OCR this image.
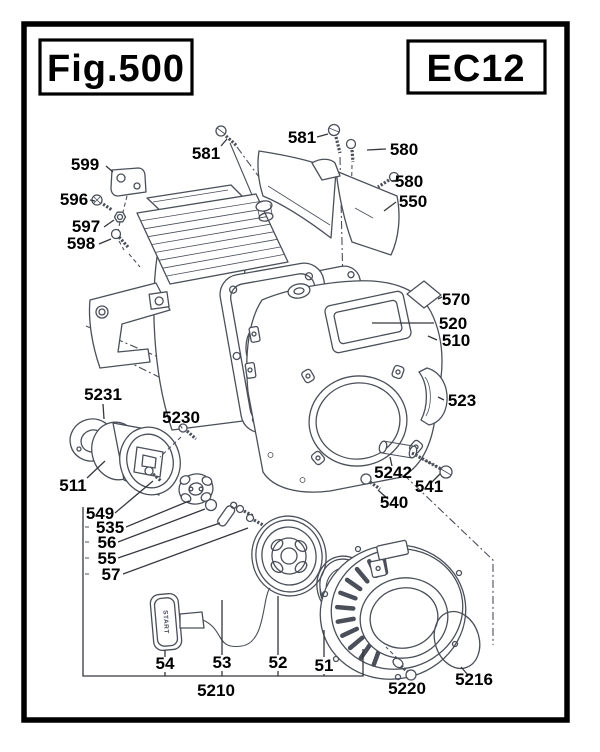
Fig.500	EC12
START
599
596
597
598
581
581
580
580
550
570
520
510
523
5231
5230
511
549
535
56
55
57
5242
541
540
54 53 52 51
5210	5220 5216
